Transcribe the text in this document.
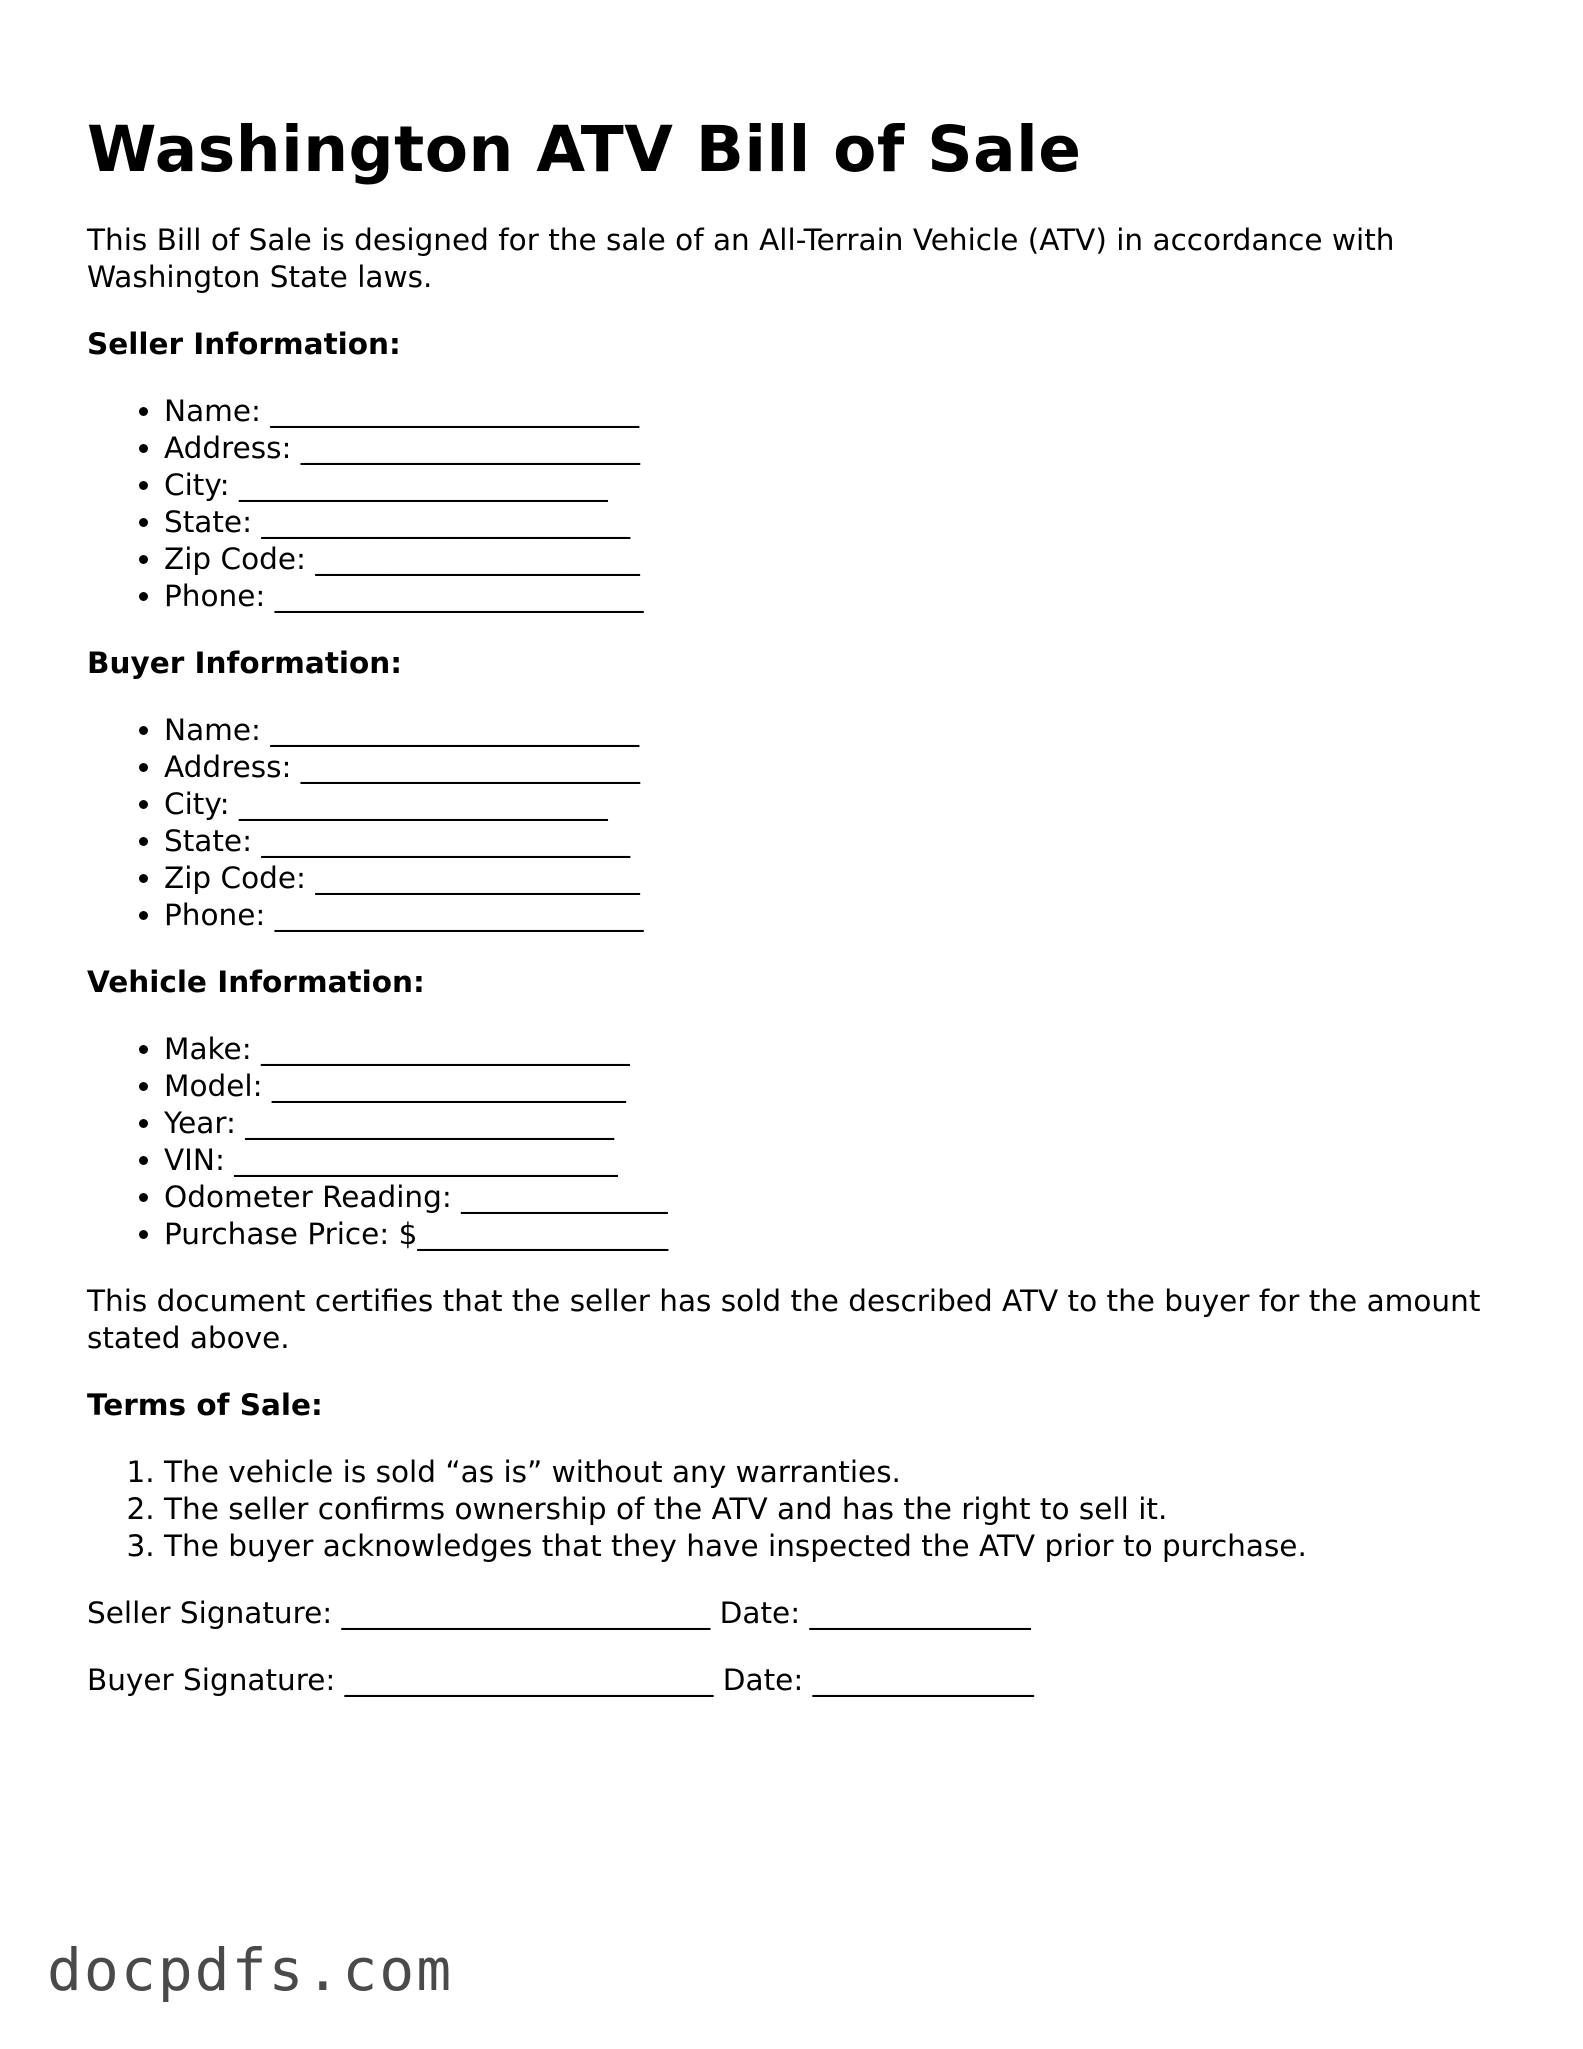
Washington ATV Bill of Sale

This Bill of Sale is designed for the sale of an All-Terrain Vehicle (ATV) in accordance with Washington State laws.

Seller Information:
• Name: _________________________
• Address: _______________________
• City: _________________________
• State: _________________________
• Zip Code: ______________________
• Phone: _________________________
Buyer Information:
• Name: _________________________
• Address: _______________________
• City: _________________________
• State: _________________________
• Zip Code: ______________________
• Phone: _________________________
Vehicle Information:
• Make: _________________________
• Model: ________________________
• Year: _________________________
• VIN: __________________________
• Odometer Reading: ______________
• Purchase Price: $_________________

This document certifies that the seller has sold the described ATV to the buyer for the amount stated above.

Terms of Sale:
1. The vehicle is sold “as is” without any warranties.
2. The seller confirms ownership of the ATV and has the right to sell it.
3. The buyer acknowledges that they have inspected the ATV prior to purchase.
Seller Signature: _________________________ Date: _______________
Buyer Signature: _________________________ Date: _______________
docpdfs.com
